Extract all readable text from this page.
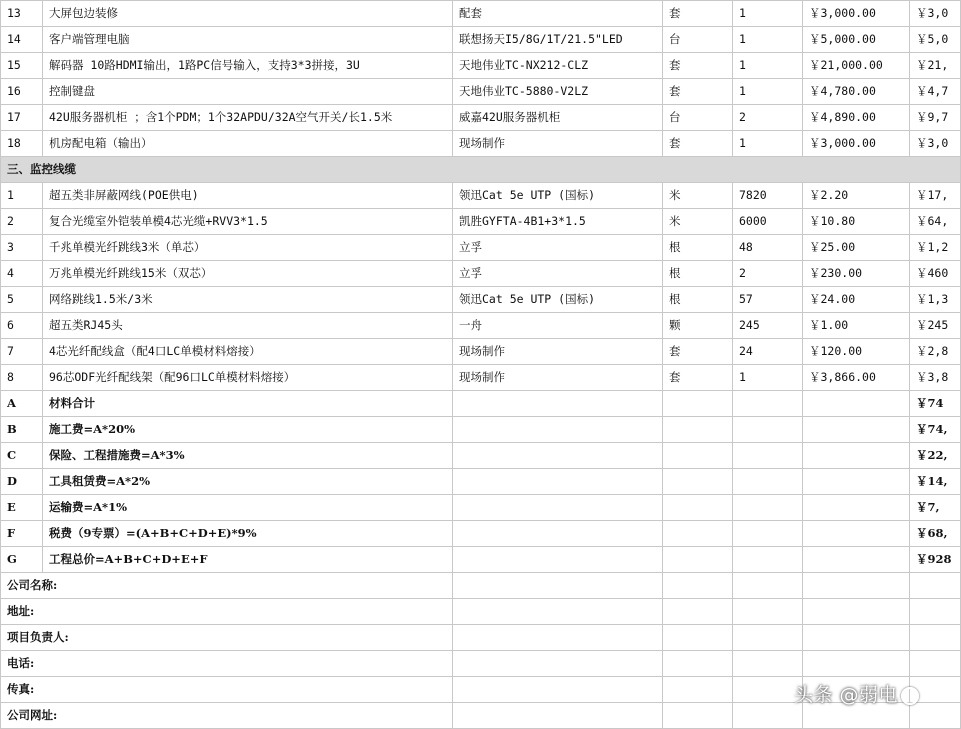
13	大屏包边装修	配套	套	1	￥3,000.00	￥3,0
14	客户端管理电脑	联想扬天I5/8G/1T/21.5"LED	台	1	￥5,000.00	￥5,0
15	解码器 10路HDMI输出，1路PC信号输入，支持3*3拼接，3U	天地伟业TC-NX212-CLZ	套	1	￥21,000.00	￥21,
16	控制键盘	天地伟业TC-5880-V2LZ	套	1	￥4,780.00	￥4,7
17	42U服务器机柜 ；含1个PDM；1个32APDU/32A空气开关/长1.5米	威嘉42U服务器机柜	台	2	￥4,890.00	￥9,7
18	机房配电箱（输出）	现场制作	套	1	￥3,000.00	￥3,0
三、监控线缆						
1	超五类非屏蔽网线(POE供电)	领迅Cat 5e UTP (国标)	米	7820	￥2.20	￥17,
2	复合光缆室外铠装单模4芯光缆+RVV3*1.5	凯胜GYFTA-4B1+3*1.5	米	6000	￥10.80	￥64,
3	千兆单模光纤跳线3米（单芯）	立孚	根	48	￥25.00	￥1,2
4	万兆单模光纤跳线15米（双芯）	立孚	根	2	￥230.00	￥460
5	网络跳线1.5米/3米	领迅Cat 5e UTP (国标)	根	57	￥24.00	￥1,3
6	超五类RJ45头	一舟	颗	245	￥1.00	￥245
7	4芯光纤配线盒（配4口LC单模材料熔接）	现场制作	套	24	￥120.00	￥2,8
8	96芯ODF光纤配线架（配96口LC单模材料熔接）	现场制作	套	1	￥3,866.00	￥3,8
A	材料合计					￥74
B	施工费=A*20%					￥74,
C	保险、工程措施费=A*3%					￥22,
D	工具租赁费=A*2%					￥14,
E	运输费=A*1%					￥7,
F	税费（9专票）=(A+B+C+D+E)*9%					￥68,
G	工程总价=A+B+C+D+E+F					￥928
公司名称:						
地址:						
项目负责人:						
电话:						
传真:						
公司网址:						
头条 @弱电
